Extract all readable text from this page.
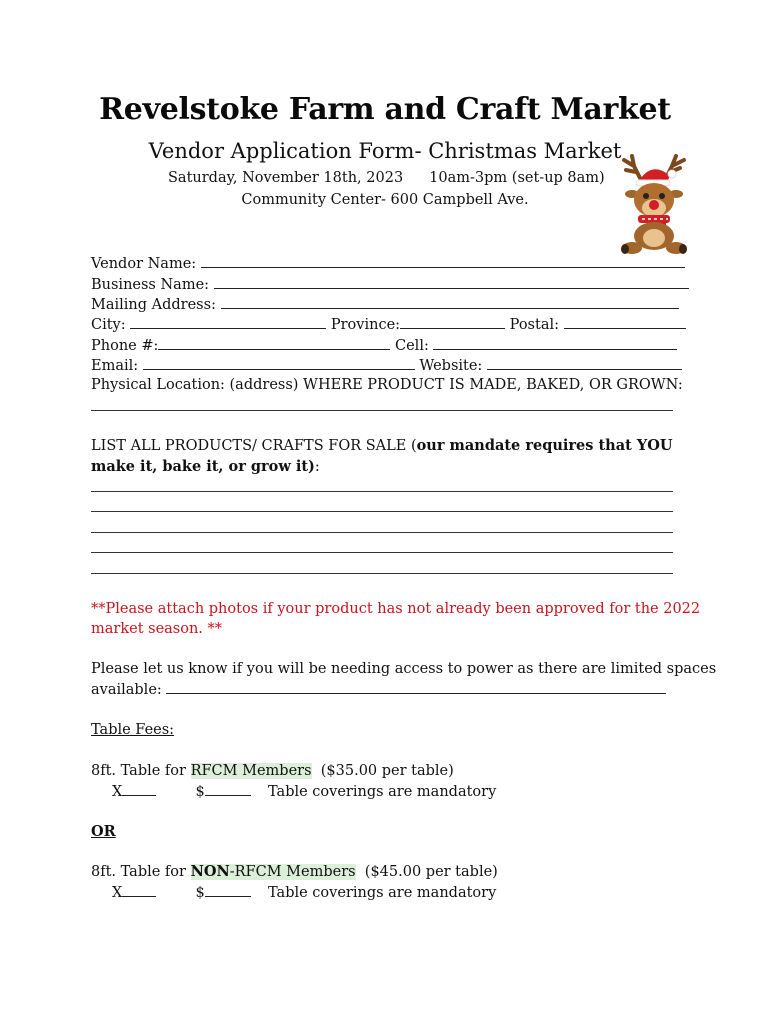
Revelstoke Farm and Craft Market
Vendor Application Form- Christmas Market
Saturday, November 18th, 2023 10am-3pm (set-up 8am)
Community Center- 600 Campbell Ave.
Vendor Name:
Business Name:
Mailing Address:
City:	Province:	Postal:
Phone #:	Cell:
Email:	Website:
Physical Location: (address) WHERE PRODUCT IS MADE, BAKED, OR GROWN:
LIST ALL PRODUCTS/ CRAFTS FOR SALE (our mandate requires that YOU
make it, bake it, or grow it):
**Please attach photos if your product has not already been approved for the 2022
market season. **
Please let us know if you will be needing access to power as there are limited spaces
available:
Table Fees:
8ft. Table for RFCM Members ($35.00 per table)
X	$	Table coverings are mandatory
OR
8ft. Table for NON-RFCM Members ($45.00 per table)
X	$	Table coverings are mandatory
